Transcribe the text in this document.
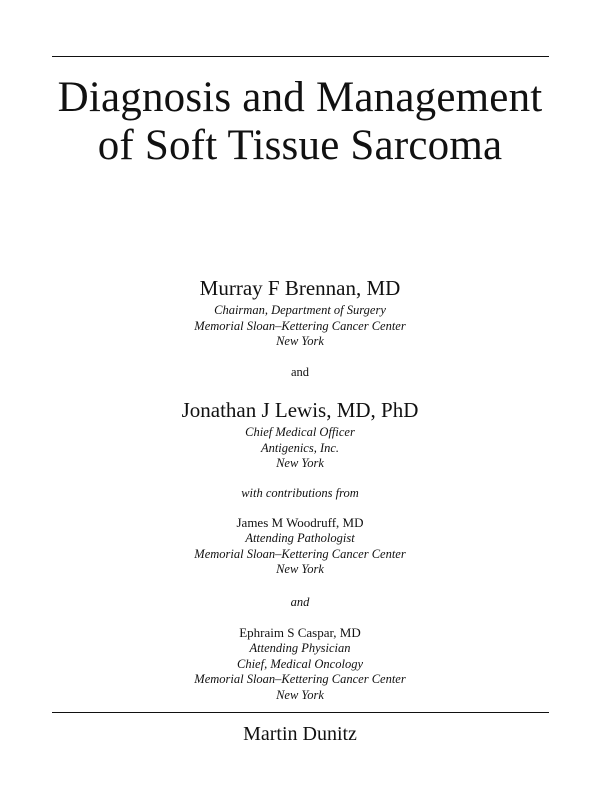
Diagnosis and Management
of Soft Tissue Sarcoma
Murray F Brennan, MD
Chairman, Department of Surgery
Memorial Sloan–Kettering Cancer Center
New York
and
Jonathan J Lewis, MD, PhD
Chief Medical Officer
Antigenics, Inc.
New York
with contributions from
James M Woodruff, MD
Attending Pathologist
Memorial Sloan–Kettering Cancer Center
New York
and
Ephraim S Caspar, MD
Attending Physician
Chief, Medical Oncology
Memorial Sloan–Kettering Cancer Center
New York
Martin Dunitz
